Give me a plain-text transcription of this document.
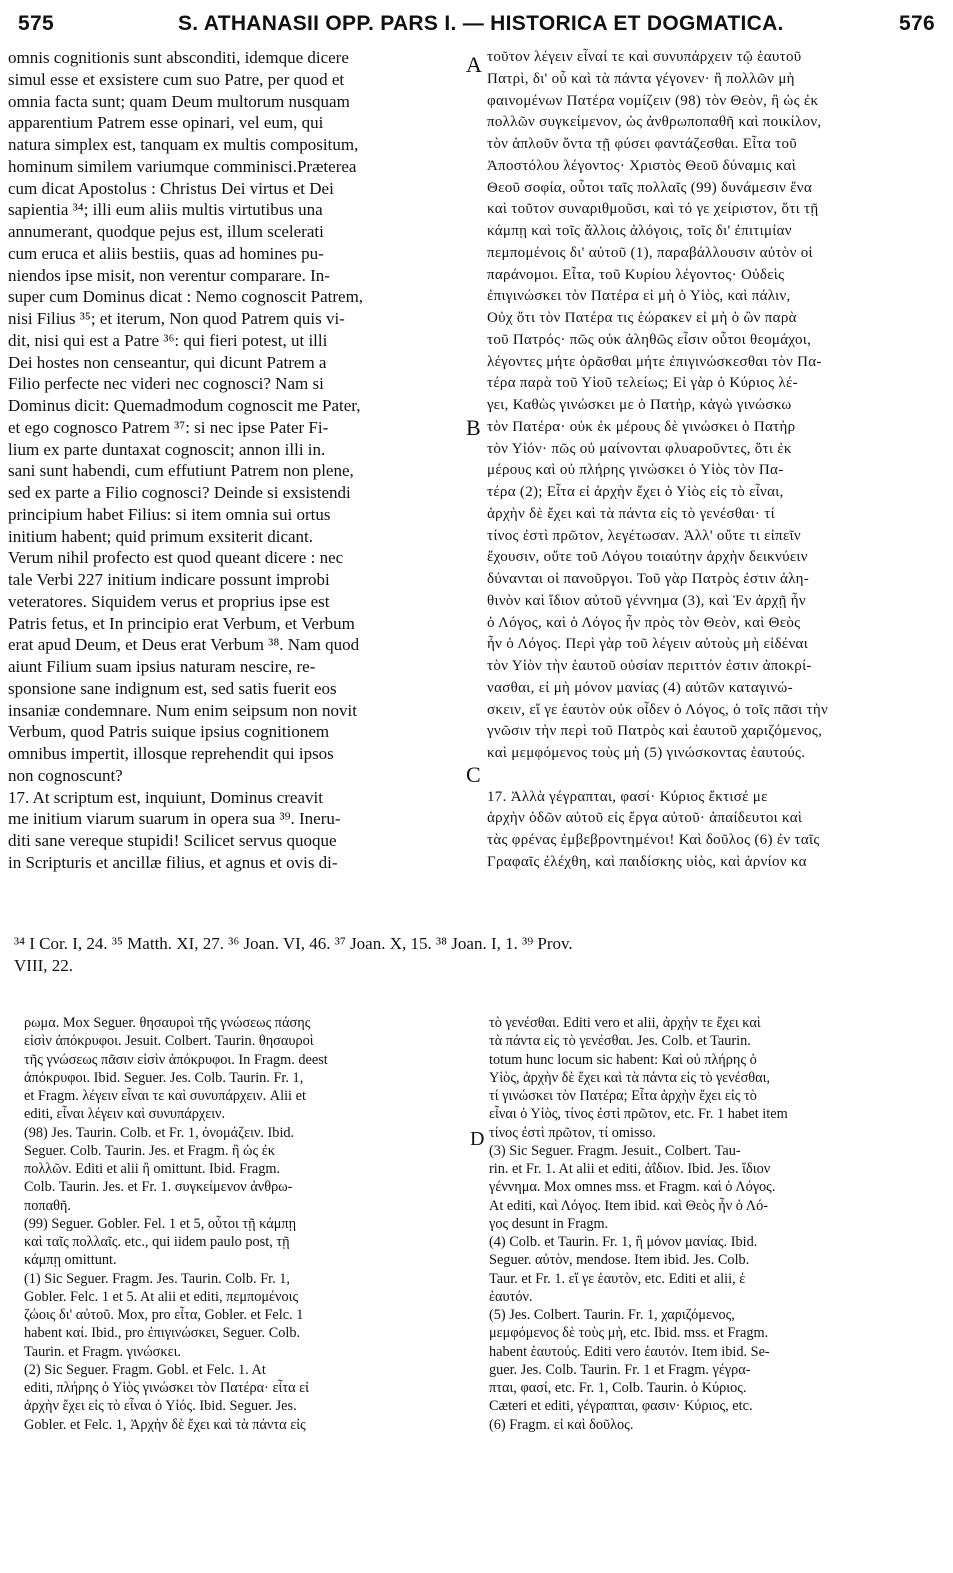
575	S. ATHANASII OPP. PARS I. — HISTORICA ET DOGMATICA.	576
omnis cognitionis sunt absconditi, idemque dicere
simul esse et exsistere cum suo Patre, per quod et
omnia facta sunt; quam Deum multorum nusquam
apparentium Patrem esse opinari, vel eum, qui
natura simplex est, tanquam ex multis compositum,
hominum similem variumque comminisci.Præterea
cum dicat Apostolus : Christus Dei virtus et Dei
sapientia ³⁴; illi eum aliis multis virtutibus una
annumerant, quodque pejus est, illum scelerati
cum eruca et aliis bestiis, quas ad homines pu-
niendos ipse misit, non verentur comparare. In-
super cum Dominus dicat : Nemo cognoscit Patrem,
nisi Filius ³⁵; et iterum, Non quod Patrem quis vi-
dit, nisi qui est a Patre ³⁶: qui fieri potest, ut illi
Dei hostes non censeantur, qui dicunt Patrem a
Filio perfecte nec videri nec cognosci? Nam si
Dominus dicit: Quemadmodum cognoscit me Pater,
et ego cognosco Patrem ³⁷: si nec ipse Pater Fi-
lium ex parte duntaxat cognoscit; annon illi in.
sani sunt habendi, cum effutiunt Patrem non plene,
sed ex parte a Filio cognosci? Deinde si exsistendi
principium habet Filius: si item omnia sui ortus
initium habent; quid primum exsiterit dicant.
Verum nihil profecto est quod queant dicere : nec
tale Verbi 227 initium indicare possunt improbi
veteratores. Siquidem verus et proprius ipse est
Patris fetus, et In principio erat Verbum, et Verbum
erat apud Deum, et Deus erat Verbum ³⁸. Nam quod
aiunt Filium suam ipsius naturam nescire, re-
sponsione sane indignum est, sed satis fuerit eos
insaniæ condemnare. Num enim seipsum non novit
Verbum, quod Patris suique ipsius cognitionem
omnibus impertit, illosque reprehendit qui ipsos
non cognoscunt?
17. At scriptum est, inquiunt, Dominus creavit
me initium viarum suarum in opera sua ³⁹. Ineru-
diti sane vereque stupidi! Scilicet servus quoque
in Scripturis et ancillæ filius, et agnus et ovis di-
τοῦτον λέγειν εἶναί τε καὶ συνυπάρχειν τῷ ἑαυτοῦ
Πατρὶ, δι' οὗ καὶ τὰ πάντα γέγονεν· ἢ πολλῶν μὴ
φαινομένων Πατέρα νομίζειν (98) τὸν Θεὸν, ἢ ὡς ἐκ
πολλῶν συγκείμενον, ὡς ἀνθρωποπαθῆ καὶ ποικίλον,
τὸν ἁπλοῦν ὄντα τῇ φύσει φαντάζεσθαι. Εἶτα τοῦ
Ἀποστόλου λέγοντος· Χριστὸς Θεοῦ δύναμις καὶ
Θεοῦ σοφία, οὗτοι ταῖς πολλαῖς (99) δυνάμεσιν ἕνα
καὶ τοῦτον συναριθμοῦσι, καὶ τό γε χείριστον, ὅτι τῇ
κάμπῃ καὶ τοῖς ἄλλοις ἀλόγοις, τοῖς δι' ἐπιτιμίαν
πεμπομένοις δι' αὐτοῦ (1), παραβάλλουσιν αὐτὸν οἱ
παράνομοι. Εἶτα, τοῦ Κυρίου λέγοντος· Οὐδεὶς
ἐπιγινώσκει τὸν Πατέρα εἰ μὴ ὁ Υἱὸς, καὶ πάλιν,
Οὐχ ὅτι τὸν Πατέρα τις ἑώρακεν εἰ μὴ ὁ ὢν παρὰ
τοῦ Πατρός· πῶς οὐκ ἀληθῶς εἶσιν οὗτοι θεομάχοι,
λέγοντες μήτε ὁρᾶσθαι μήτε ἐπιγινώσκεσθαι τὸν Πα-
τέρα παρὰ τοῦ Υἱοῦ τελείως; Εἰ γὰρ ὁ Κύριος λέ-
γει, Καθὼς γινώσκει με ὁ Πατὴρ, κἀγὼ γινώσκω
τὸν Πατέρα· οὐκ ἐκ μέρους δὲ γινώσκει ὁ Πατὴρ
τὸν Υἱόν· πῶς οὐ μαίνονται φλυαροῦντες, ὅτι ἐκ
μέρους καὶ οὐ πλήρης γινώσκει ὁ Υἱὸς τὸν Πα-
τέρα (2); Εἶτα εἰ ἀρχὴν ἔχει ὁ Υἱὸς εἰς τὸ εἶναι,
ἀρχὴν δὲ ἔχει καὶ τὰ πάντα εἰς τὸ γενέσθαι· τί
τίνος ἐστὶ πρῶτον, λεγέτωσαν. Ἀλλ' οὔτε τι εἰπεῖν
ἔχουσιν, οὔτε τοῦ Λόγου τοιαύτην ἀρχὴν δεικνύειν
δύνανται οἱ πανοῦργοι. Τοῦ γὰρ Πατρὸς ἐστιν ἀλη-
θινὸν καὶ ἴδιον αὐτοῦ γέννημα (3), καὶ Ἐν ἀρχῇ ἦν
ὁ Λόγος, καὶ ὁ Λόγος ἦν πρὸς τὸν Θεὸν, καὶ Θεὸς
ἦν ὁ Λόγος. Περὶ γὰρ τοῦ λέγειν αὐτοὺς μὴ εἰδέναι
τὸν Υἱὸν τὴν ἑαυτοῦ οὐσίαν περιττόν ἐστιν ἀποκρί-
νασθαι, εἰ μὴ μόνον μανίας (4) αὐτῶν καταγινώ-
σκειν, εἴ γε ἑαυτὸν οὐκ οἶδεν ὁ Λόγος, ὁ τοῖς πᾶσι τὴν
γνῶσιν τὴν περὶ τοῦ Πατρὸς καὶ ἑαυτοῦ χαριζόμενος,
καὶ μεμφόμενος τοὺς μὴ (5) γινώσκοντας ἑαυτούς.
17. Ἀλλὰ γέγραπται, φασί· Κύριος ἔκτισέ με
ἀρχὴν ὁδῶν αὐτοῦ εἰς ἔργα αὐτοῦ· ἀπαίδευτοι καὶ
τὰς φρένας ἐμβεβροντημένοι! Καὶ δοῦλος (6) ἐν ταῖς
Γραφαῖς ἐλέχθη, καὶ παιδίσκης υἱὸς, καὶ ἀρνίον κα
A
B
C
D
³⁴ I Cor. I, 24. ³⁵ Matth. XI, 27. ³⁶ Joan. VI, 46. ³⁷ Joan. X, 15. ³⁸ Joan. I, 1. ³⁹ Prov.
VIII, 22.
ρωμα. Mox Seguer. θησαυροὶ τῆς γνώσεως πάσης
εἰσὶν ἀπόκρυφοι. Jesuit. Colbert. Taurin. θησαυροὶ
τῆς γνώσεως πᾶσιν εἰσὶν ἀπόκρυφοι. In Fragm. deest
ἀπόκρυφοι. Ibid. Seguer. Jes. Colb. Taurin. Fr. 1,
et Fragm. λέγειν εἶναι τε καὶ συνυπάρχειν. Alii et
editi, εἶναι λέγειν καὶ συνυπάρχειν.
(98) Jes. Taurin. Colb. et Fr. 1, ὀνομάζειν. Ibid.
Seguer. Colb. Taurin. Jes. et Fragm. ἢ ὡς ἐκ
πολλῶν. Editi et alii ἢ omittunt. Ibid. Fragm.
Colb. Taurin. Jes. et Fr. 1. συγκείμενον ἀνθρω-
ποπαθῆ.
(99) Seguer. Gobler. Fel. 1 et 5, οὗτοι τῇ κάμπῃ
καὶ ταῖς πολλαῖς. etc., qui iidem paulo post, τῇ
κάμπῃ omittunt.
(1) Sic Seguer. Fragm. Jes. Taurin. Colb. Fr. 1,
Gobler. Felc. 1 et 5. At alii et editi, πεμπομένοις
ζώοις δι' αὐτοῦ. Mox, pro εἶτα, Gobler. et Felc. 1
habent καί. Ibid., pro ἐπιγινώσκει, Seguer. Colb.
Taurin. et Fragm. γινώσκει.
(2) Sic Seguer. Fragm. Gobl. et Felc. 1. At
editi, πλήρης ὁ Υἱὸς γινώσκει τὸν Πατέρα· εἶτα εἰ
ἀρχὴν ἔχει εἰς τὸ εἶναι ὁ Υἱός. Ibid. Seguer. Jes.
Gobler. et Felc. 1, Ἀρχὴν δὲ ἔχει καὶ τὰ πάντα εἰς
τὸ γενέσθαι. Editi vero et alii, ἀρχὴν τε ἔχει καὶ
τὰ πάντα εἰς τὸ γενέσθαι. Jes. Colb. et Taurin.
totum hunc locum sic habent: Καὶ οὐ πλήρης ὁ
Υἱὸς, ἀρχὴν δὲ ἔχει καὶ τὰ πάντα εἰς τὸ γενέσθαι,
τί γινώσκει τὸν Πατέρα; Εἶτα ἀρχὴν ἔχει εἰς τὸ
εἶναι ὁ Υἱὸς, τίνος ἐστὶ πρῶτον, etc. Fr. 1 habet item
τίνος ἐστὶ πρῶτον, τί omisso.
(3) Sic Seguer. Fragm. Jesuit., Colbert. Tau-
rin. et Fr. 1. At alii et editi, ἀΐδιον. Ibid. Jes. ἴδιον
γέννημα. Mox omnes mss. et Fragm. καὶ ὁ Λόγος.
At editi, καὶ Λόγος. Item ibid. καὶ Θεὸς ἦν ὁ Λό-
γος desunt in Fragm.
(4) Colb. et Taurin. Fr. 1, ἢ μόνον μανίας. Ibid.
Seguer. αὐτὸν, mendose. Item ibid. Jes. Colb.
Taur. et Fr. 1. εἴ γε ἑαυτὸν, etc. Editi et alii, ἑ
ἑαυτόν.
(5) Jes. Colbert. Taurin. Fr. 1, χαριζόμενος,
μεμφόμενος δὲ τοὺς μὴ, etc. Ibid. mss. et Fragm.
habent ἑαυτούς. Editi vero ἑαυτόν. Item ibid. Se-
guer. Jes. Colb. Taurin. Fr. 1 et Fragm. γέγρα-
πται, φασί, etc. Fr. 1, Colb. Taurin. ὁ Κύριος.
Cæteri et editi, γέγραπται, φασιν· Κύριος, etc.
(6) Fragm. εἰ καὶ δοῦλος.
